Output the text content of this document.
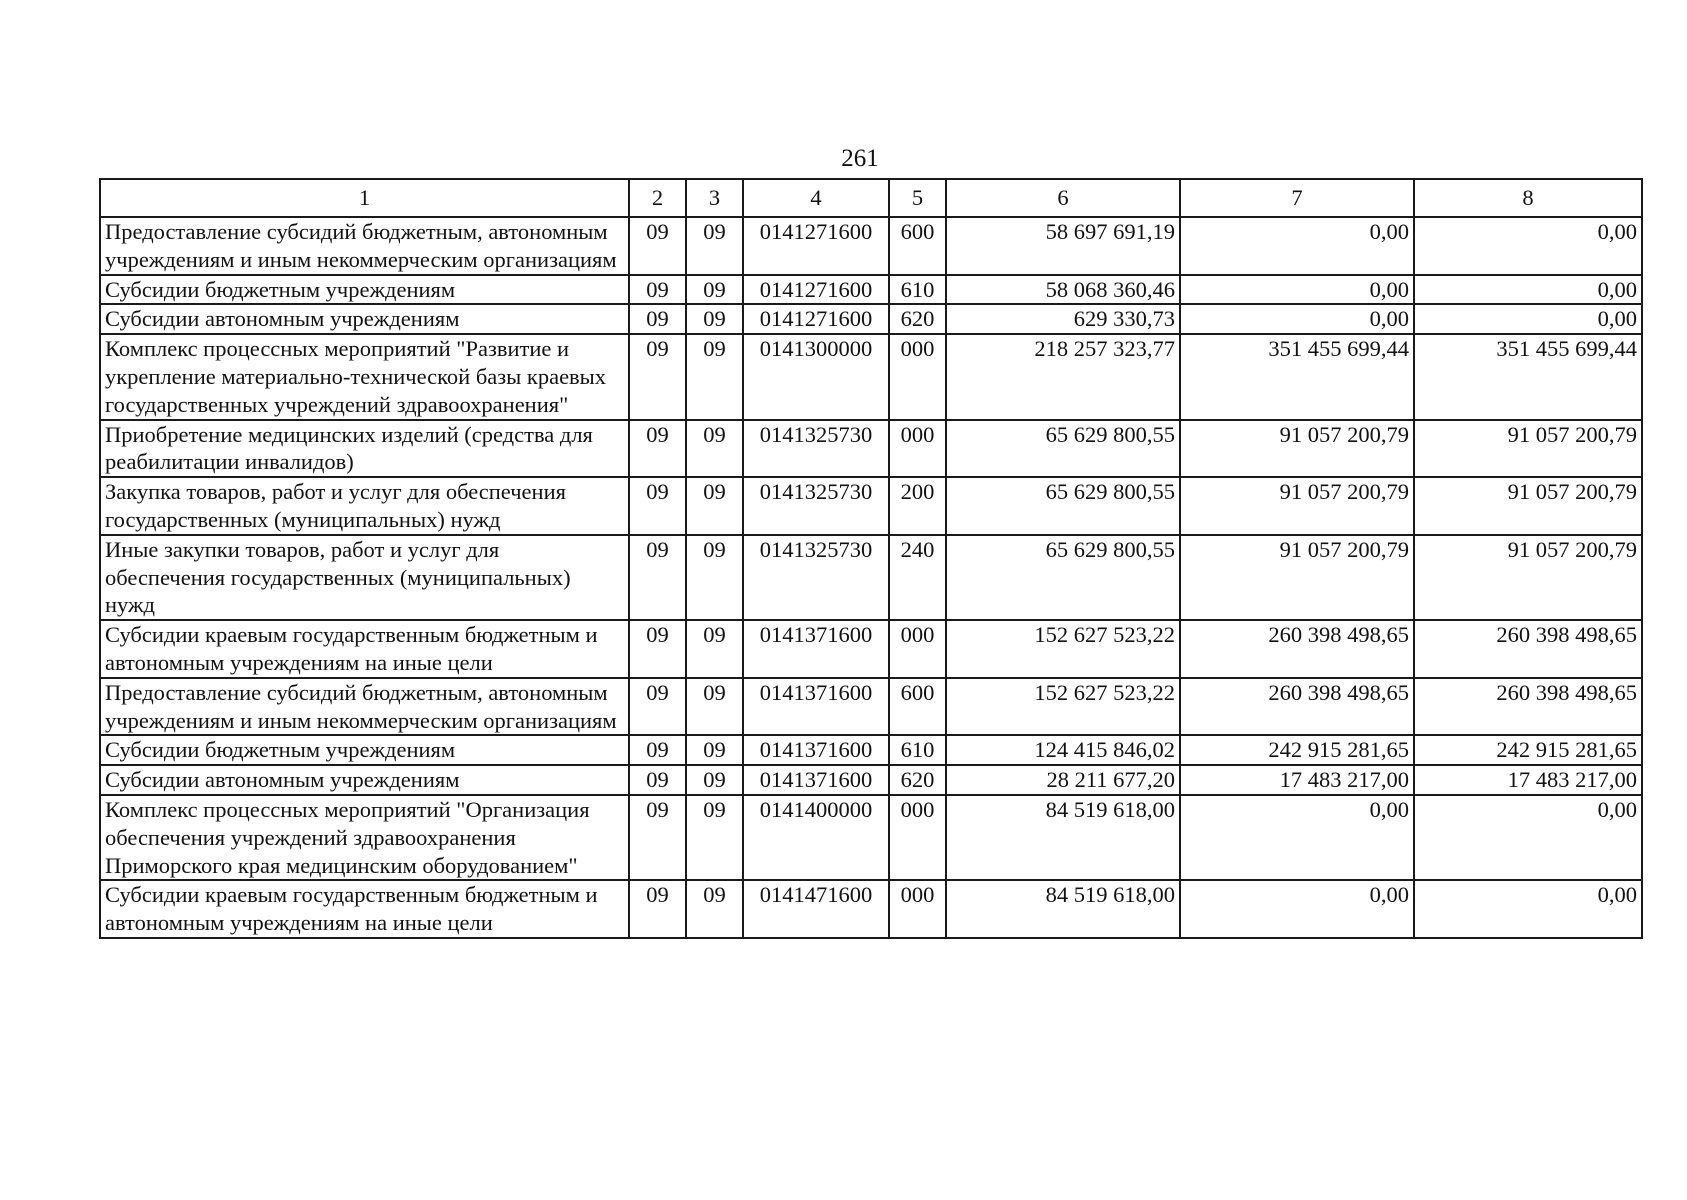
261
1	2	3	4	5	6	7	8
Предоставление субсидий бюджетным, автономным учреждениям и иным некоммерческим организациям	09	09	0141271600	600	58 697 691,19	0,00	0,00
Субсидии бюджетным учреждениям	09	09	0141271600	610	58 068 360,46	0,00	0,00
Субсидии автономным учреждениям	09	09	0141271600	620	629 330,73	0,00	0,00
Комплекс процессных мероприятий "Развитие и укрепление материально-технической базы краевых государственных учреждений здравоохранения"	09	09	0141300000	000	218 257 323,77	351 455 699,44	351 455 699,44
Приобретение медицинских изделий (средства для реабилитации инвалидов)	09	09	0141325730	000	65 629 800,55	91 057 200,79	91 057 200,79
Закупка товаров, работ и услуг для обеспечения государственных (муниципальных) нужд	09	09	0141325730	200	65 629 800,55	91 057 200,79	91 057 200,79
Иные закупки товаров, работ и услуг для обеспечения государственных (муниципальных) нужд	09	09	0141325730	240	65 629 800,55	91 057 200,79	91 057 200,79
Субсидии краевым государственным бюджетным и автономным учреждениям на иные цели	09	09	0141371600	000	152 627 523,22	260 398 498,65	260 398 498,65
Предоставление субсидий бюджетным, автономным учреждениям и иным некоммерческим организациям	09	09	0141371600	600	152 627 523,22	260 398 498,65	260 398 498,65
Субсидии бюджетным учреждениям	09	09	0141371600	610	124 415 846,02	242 915 281,65	242 915 281,65
Субсидии автономным учреждениям	09	09	0141371600	620	28 211 677,20	17 483 217,00	17 483 217,00
Комплекс процессных мероприятий "Организация обеспечения учреждений здравоохранения Приморского края медицинским оборудованием"	09	09	0141400000	000	84 519 618,00	0,00	0,00
Субсидии краевым государственным бюджетным и автономным учреждениям на иные цели	09	09	0141471600	000	84 519 618,00	0,00	0,00
